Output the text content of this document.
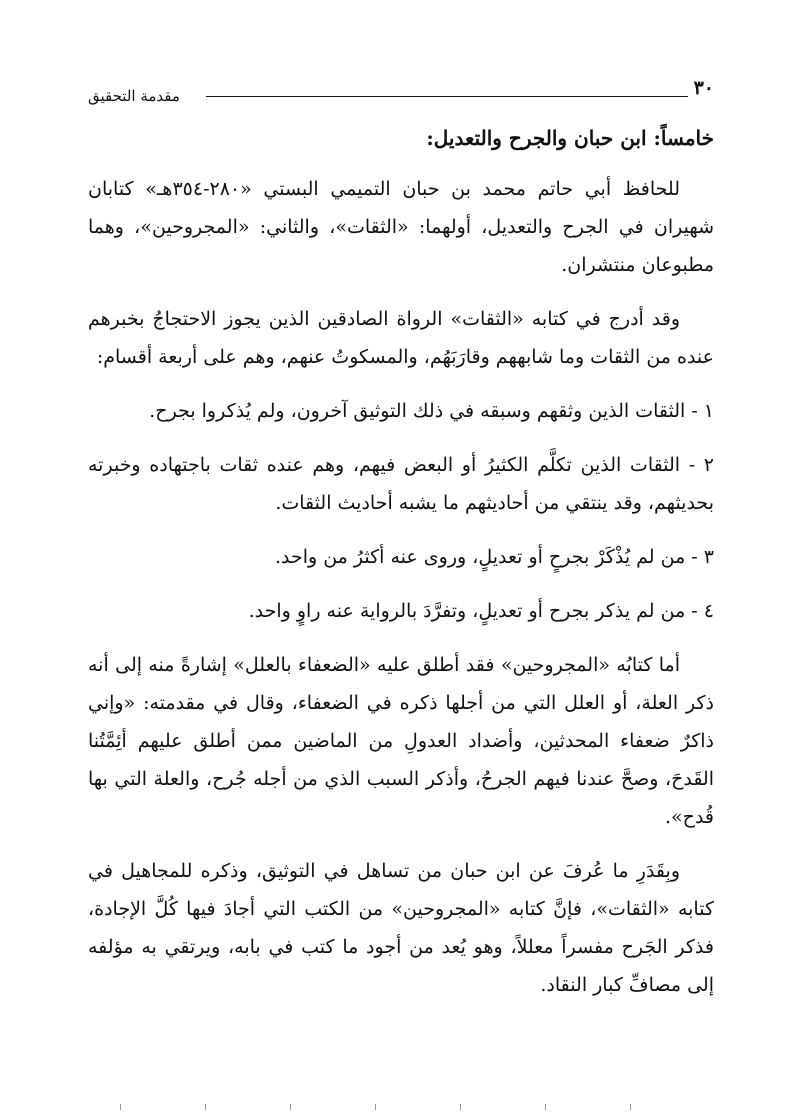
٣٠
مقدمة التحقيق
خامساً: ابن حبان والجرح والتعديل:

للحافظ أبي حاتم محمد بن حبان التميمي البستي «٢٨٠-٣٥٤هـ» كتابان شهيران في الجرح والتعديل، أولهما: «الثقات»، والثاني: «المجروحين»، وهما مطبوعان منتشران.

وقد أدرج في كتابه «الثقات» الرواة الصادقين الذين يجوز الاحتجاجُ بخبرهم عنده من الثقات وما شابههم وقارَبَهُم، والمسكوتُ عنهم، وهم على أربعة أقسام:

١ - الثقات الذين وثقهم وسبقه في ذلك التوثيق آخرون، ولم يُذكروا بجرح.

٢ - الثقات الذين تكلَّم الكثيرُ أو البعض فيهم، وهم عنده ثقات باجتهاده وخبرته بحديثهم، وقد ينتقي من أحاديثهم ما يشبه أحاديث الثقات.

٣ - من لم يُذْكَرْ بجرحٍ أو تعديلٍ، وروى عنه أكثرُ من واحد.

٤ - من لم يذكر بجرح أو تعديلٍ، وتفرَّدَ بالرواية عنه راوٍ واحد.

أما كتابُه «المجروحين» فقد أطلق عليه «الضعفاء بالعلل» إشارةً منه إلى أنه ذكر العلة، أو العلل التي من أجلها ذكره في الضعفاء، وقال في مقدمته: «وإني ذاكرٌ ضعفاء المحدثين، وأضداد العدولِ من الماضين ممن أطلق عليهم أئِمَّتُنا القَدحَ، وصحَّ عندنا فيهم الجرحُ، وأذكر السبب الذي من أجله جُرح، والعلة التي بها قُدح».

وبِقَدَرِ ما عُرفَ عن ابن حبان من تساهل في التوثيق، وذكره للمجاهيل في كتابه «الثقات»، فإنَّ كتابه «المجروحين» من الكتب التي أجادَ فيها كُلَّ الإجادة، فذكر الجَرح مفسراً معللاً، وهو يُعد من أجود ما كتب في بابه، ويرتقي به مؤلفه إلى مصافِّ كبار النقاد.
